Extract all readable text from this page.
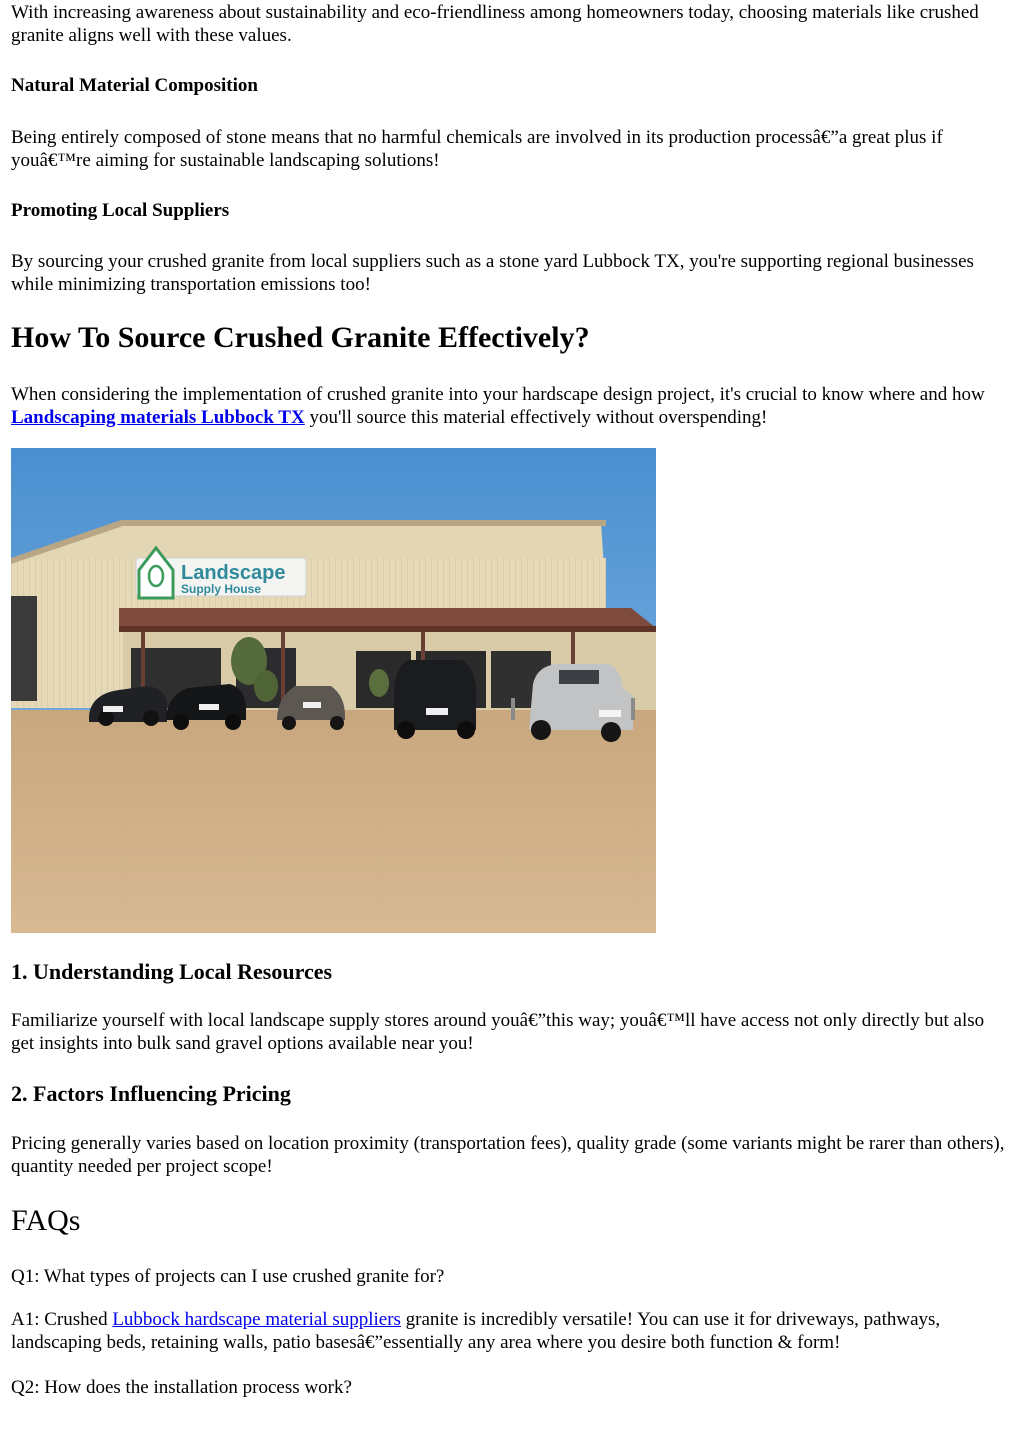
With increasing awareness about sustainability and eco-friendliness among homeowners today, choosing materials like crushed granite aligns well with these values.

Natural Material Composition

Being entirely composed of stone means that no harmful chemicals are involved in its production processâ€”a great plus if youâ€™re aiming for sustainable landscaping solutions!

Promoting Local Suppliers

By sourcing your crushed granite from local suppliers such as a stone yard Lubbock TX, you're supporting regional businesses while minimizing transportation emissions too!

How To Source Crushed Granite Effectively?

When considering the implementation of crushed granite into your hardscape design project, it's crucial to know where and how Landscaping materials Lubbock TX you'll source this material effectively without overspending!

Landscape
Supply House
1. Understanding Local Resources

Familiarize yourself with local landscape supply stores around youâ€”this way; youâ€™ll have access not only directly but also get insights into bulk sand gravel options available near you!

2. Factors Influencing Pricing

Pricing generally varies based on location proximity (transportation fees), quality grade (some variants might be rarer than others), quantity needed per project scope!

FAQs

Q1: What types of projects can I use crushed granite for?

A1: Crushed Lubbock hardscape material suppliers granite is incredibly versatile! You can use it for driveways, pathways, landscaping beds, retaining walls, patio basesâ€”essentially any area where you desire both function & form!

Q2: How does the installation process work?
